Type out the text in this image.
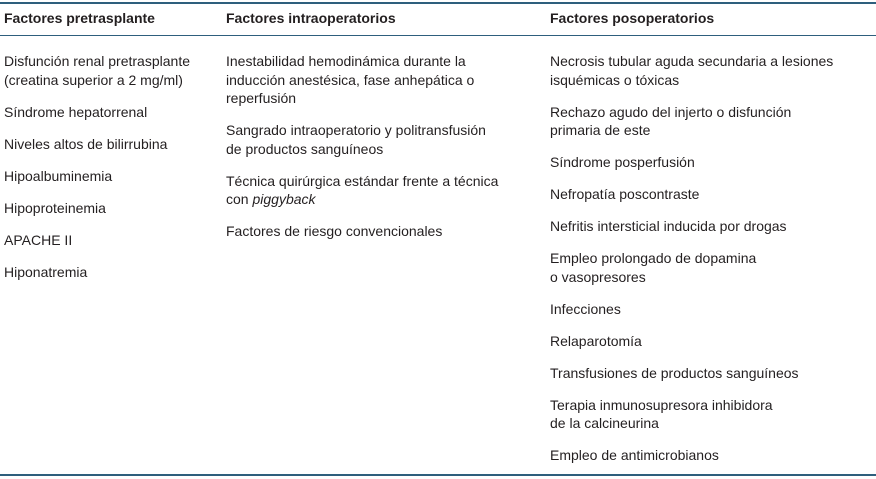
Factores pretrasplante
Disfunción renal pretrasplante
(creatina superior a 2 mg/ml)
Síndrome hepatorrenal
Niveles altos de bilirrubina
Hipoalbuminemia
Hipoproteinemia
APACHE II
Hiponatremia
Factores intraoperatorios
Inestabilidad hemodinámica durante la
inducción anestésica, fase anhepática o
reperfusión
Sangrado intraoperatorio y politransfusión
de productos sanguíneos
Técnica quirúrgica estándar frente a técnica
con piggyback
Factores de riesgo convencionales
Factores posoperatorios
Necrosis tubular aguda secundaria a lesiones
isquémicas o tóxicas
Rechazo agudo del injerto o disfunción
primaria de este
Síndrome posperfusión
Nefropatía poscontraste
Nefritis intersticial inducida por drogas
Empleo prolongado de dopamina
o vasopresores
Infecciones
Relaparotomía
Transfusiones de productos sanguíneos
Terapia inmunosupresora inhibidora
de la calcineurina
Empleo de antimicrobianos
